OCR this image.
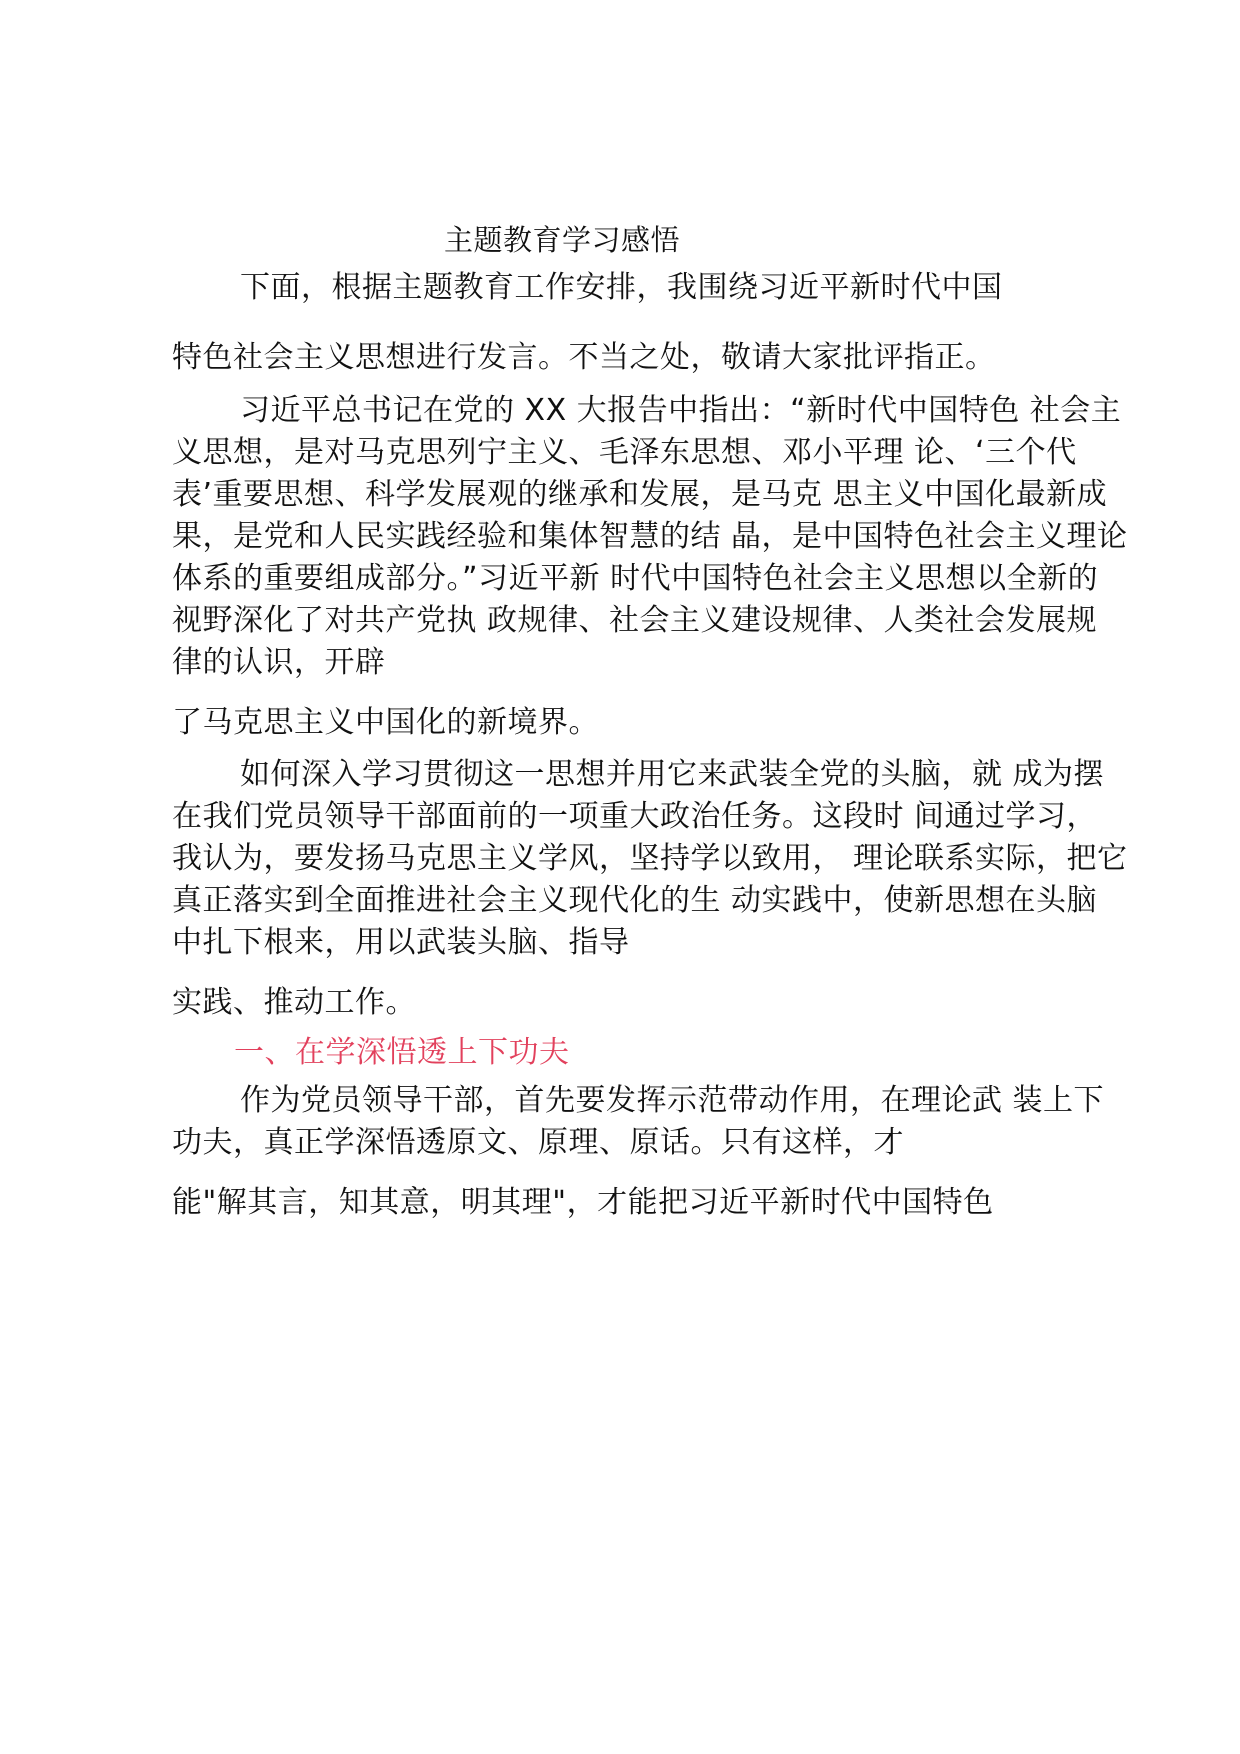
主题教育学习感悟
下面，根据主题教育工作安排，我围绕习近平新时代中国
特色社会主义思想进行发言。不当之处，敬请大家批评指正。
习近平总书记在党的 XX 大报告中指出：“新时代中国特色 社会主
义思想，是对马克思列宁主义、毛泽东思想、邓小平理 论、‘三个代
表’重要思想、科学发展观的继承和发展，是马克 思主义中国化最新成
果，是党和人民实践经验和集体智慧的结 晶，是中国特色社会主义理论
体系的重要组成部分。”习近平新 时代中国特色社会主义思想以全新的
视野深化了对共产党执 政规律、社会主义建设规律、人类社会发展规
律的认识，开辟
了马克思主义中国化的新境界。
如何深入学习贯彻这一思想并用它来武装全党的头脑，就 成为摆
在我们党员领导干部面前的一项重大政治任务。这段时 间通过学习，
我认为，要发扬马克思主义学风，坚持学以致用， 理论联系实际，把它
真正落实到全面推进社会主义现代化的生 动实践中，使新思想在头脑
中扎下根来，用以武装头脑、指导
实践、推动工作。
一、在学深悟透上下功夫
作为党员领导干部，首先要发挥示范带动作用，在理论武 装上下
功夫，真正学深悟透原文、原理、原话。只有这样，才
能"解其言，知其意，明其理"，才能把习近平新时代中国特色
